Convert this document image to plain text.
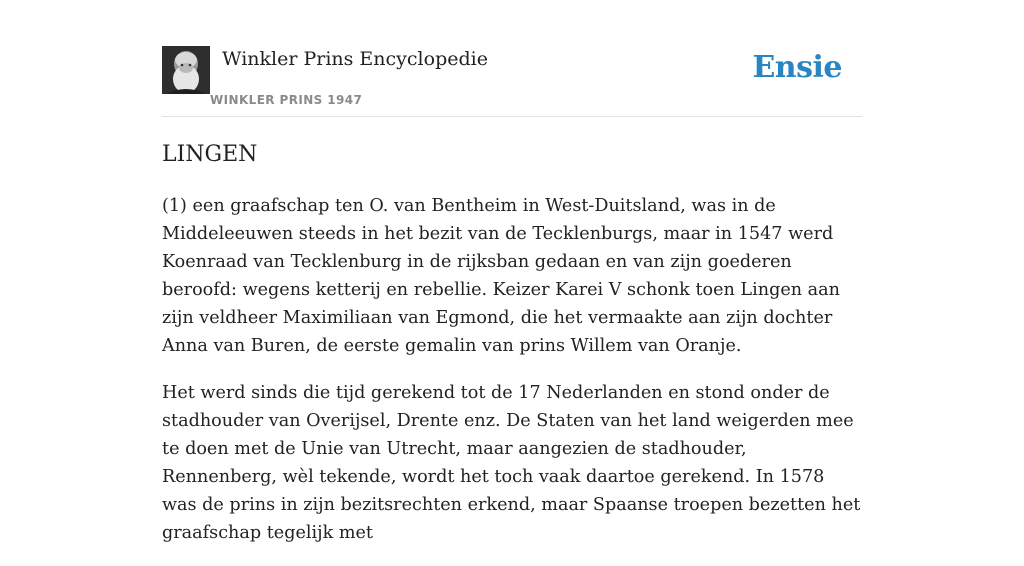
Winkler Prins Encyclopedie
WINKLER PRINS 1947
Ensie
LINGEN

(1) een graafschap ten O. van Bentheim in West-Duitsland, was in de Middeleeuwen steeds in het bezit van de Tecklenburgs, maar in 1547 werd Koenraad van Tecklenburg in de rijksban gedaan en van zijn goederen beroofd: wegens ketterij en rebellie. Keizer Karei V schonk toen Lingen aan zijn veldheer Maximiliaan van Egmond, die het vermaakte aan zijn dochter Anna van Buren, de eerste gemalin van prins Willem van Oranje.

Het werd sinds die tijd gerekend tot de 17 Nederlanden en stond onder de stadhouder van Overijsel, Drente enz. De Staten van het land weigerden mee te doen met de Unie van Utrecht, maar aangezien de stadhouder, Rennenberg, wèl tekende, wordt het toch vaak daartoe gerekend. In 1578 was de prins in zijn bezitsrechten erkend, maar Spaanse troepen bezetten het graafschap tegelijk met
